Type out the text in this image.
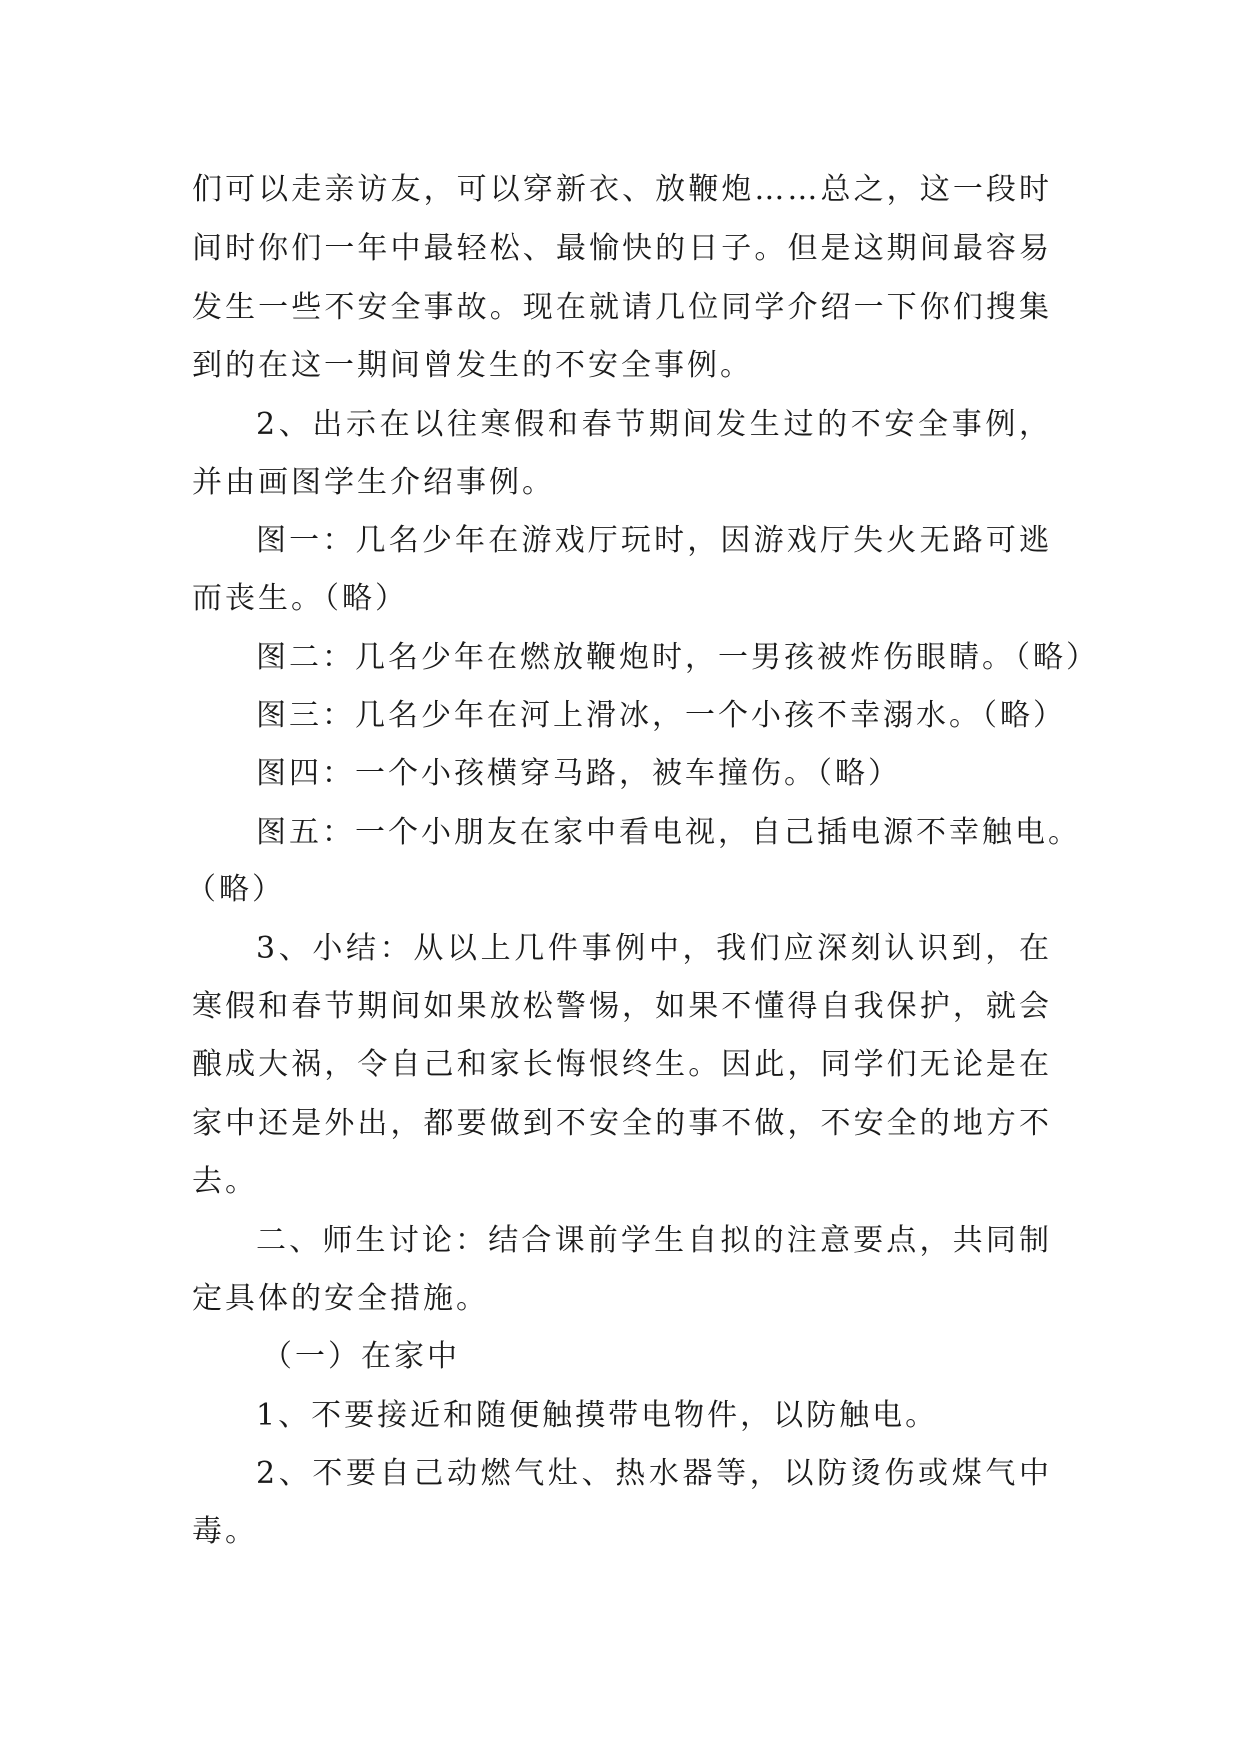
们可以走亲访友，可以穿新衣、放鞭炮……总之，这一段时
间时你们一年中最轻松、最愉快的日子。但是这期间最容易
发生一些不安全事故。现在就请几位同学介绍一下你们搜集
到的在这一期间曾发生的不安全事例。
2、出示在以往寒假和春节期间发生过的不安全事例，
并由画图学生介绍事例。
图一：几名少年在游戏厅玩时，因游戏厅失火无路可逃
而丧生。（略）
图二：几名少年在燃放鞭炮时，一男孩被炸伤眼睛。（略）
图三：几名少年在河上滑冰，一个小孩不幸溺水。（略）
图四：一个小孩横穿马路，被车撞伤。（略）
图五：一个小朋友在家中看电视，自己插电源不幸触电。
（略）
3、小结：从以上几件事例中，我们应深刻认识到，在
寒假和春节期间如果放松警惕，如果不懂得自我保护，就会
酿成大祸，令自己和家长悔恨终生。因此，同学们无论是在
家中还是外出，都要做到不安全的事不做，不安全的地方不
去。
二、师生讨论：结合课前学生自拟的注意要点，共同制
定具体的安全措施。
（一）在家中
1、不要接近和随便触摸带电物件，以防触电。
2、不要自己动燃气灶、热水器等，以防烫伤或煤气中
毒。
